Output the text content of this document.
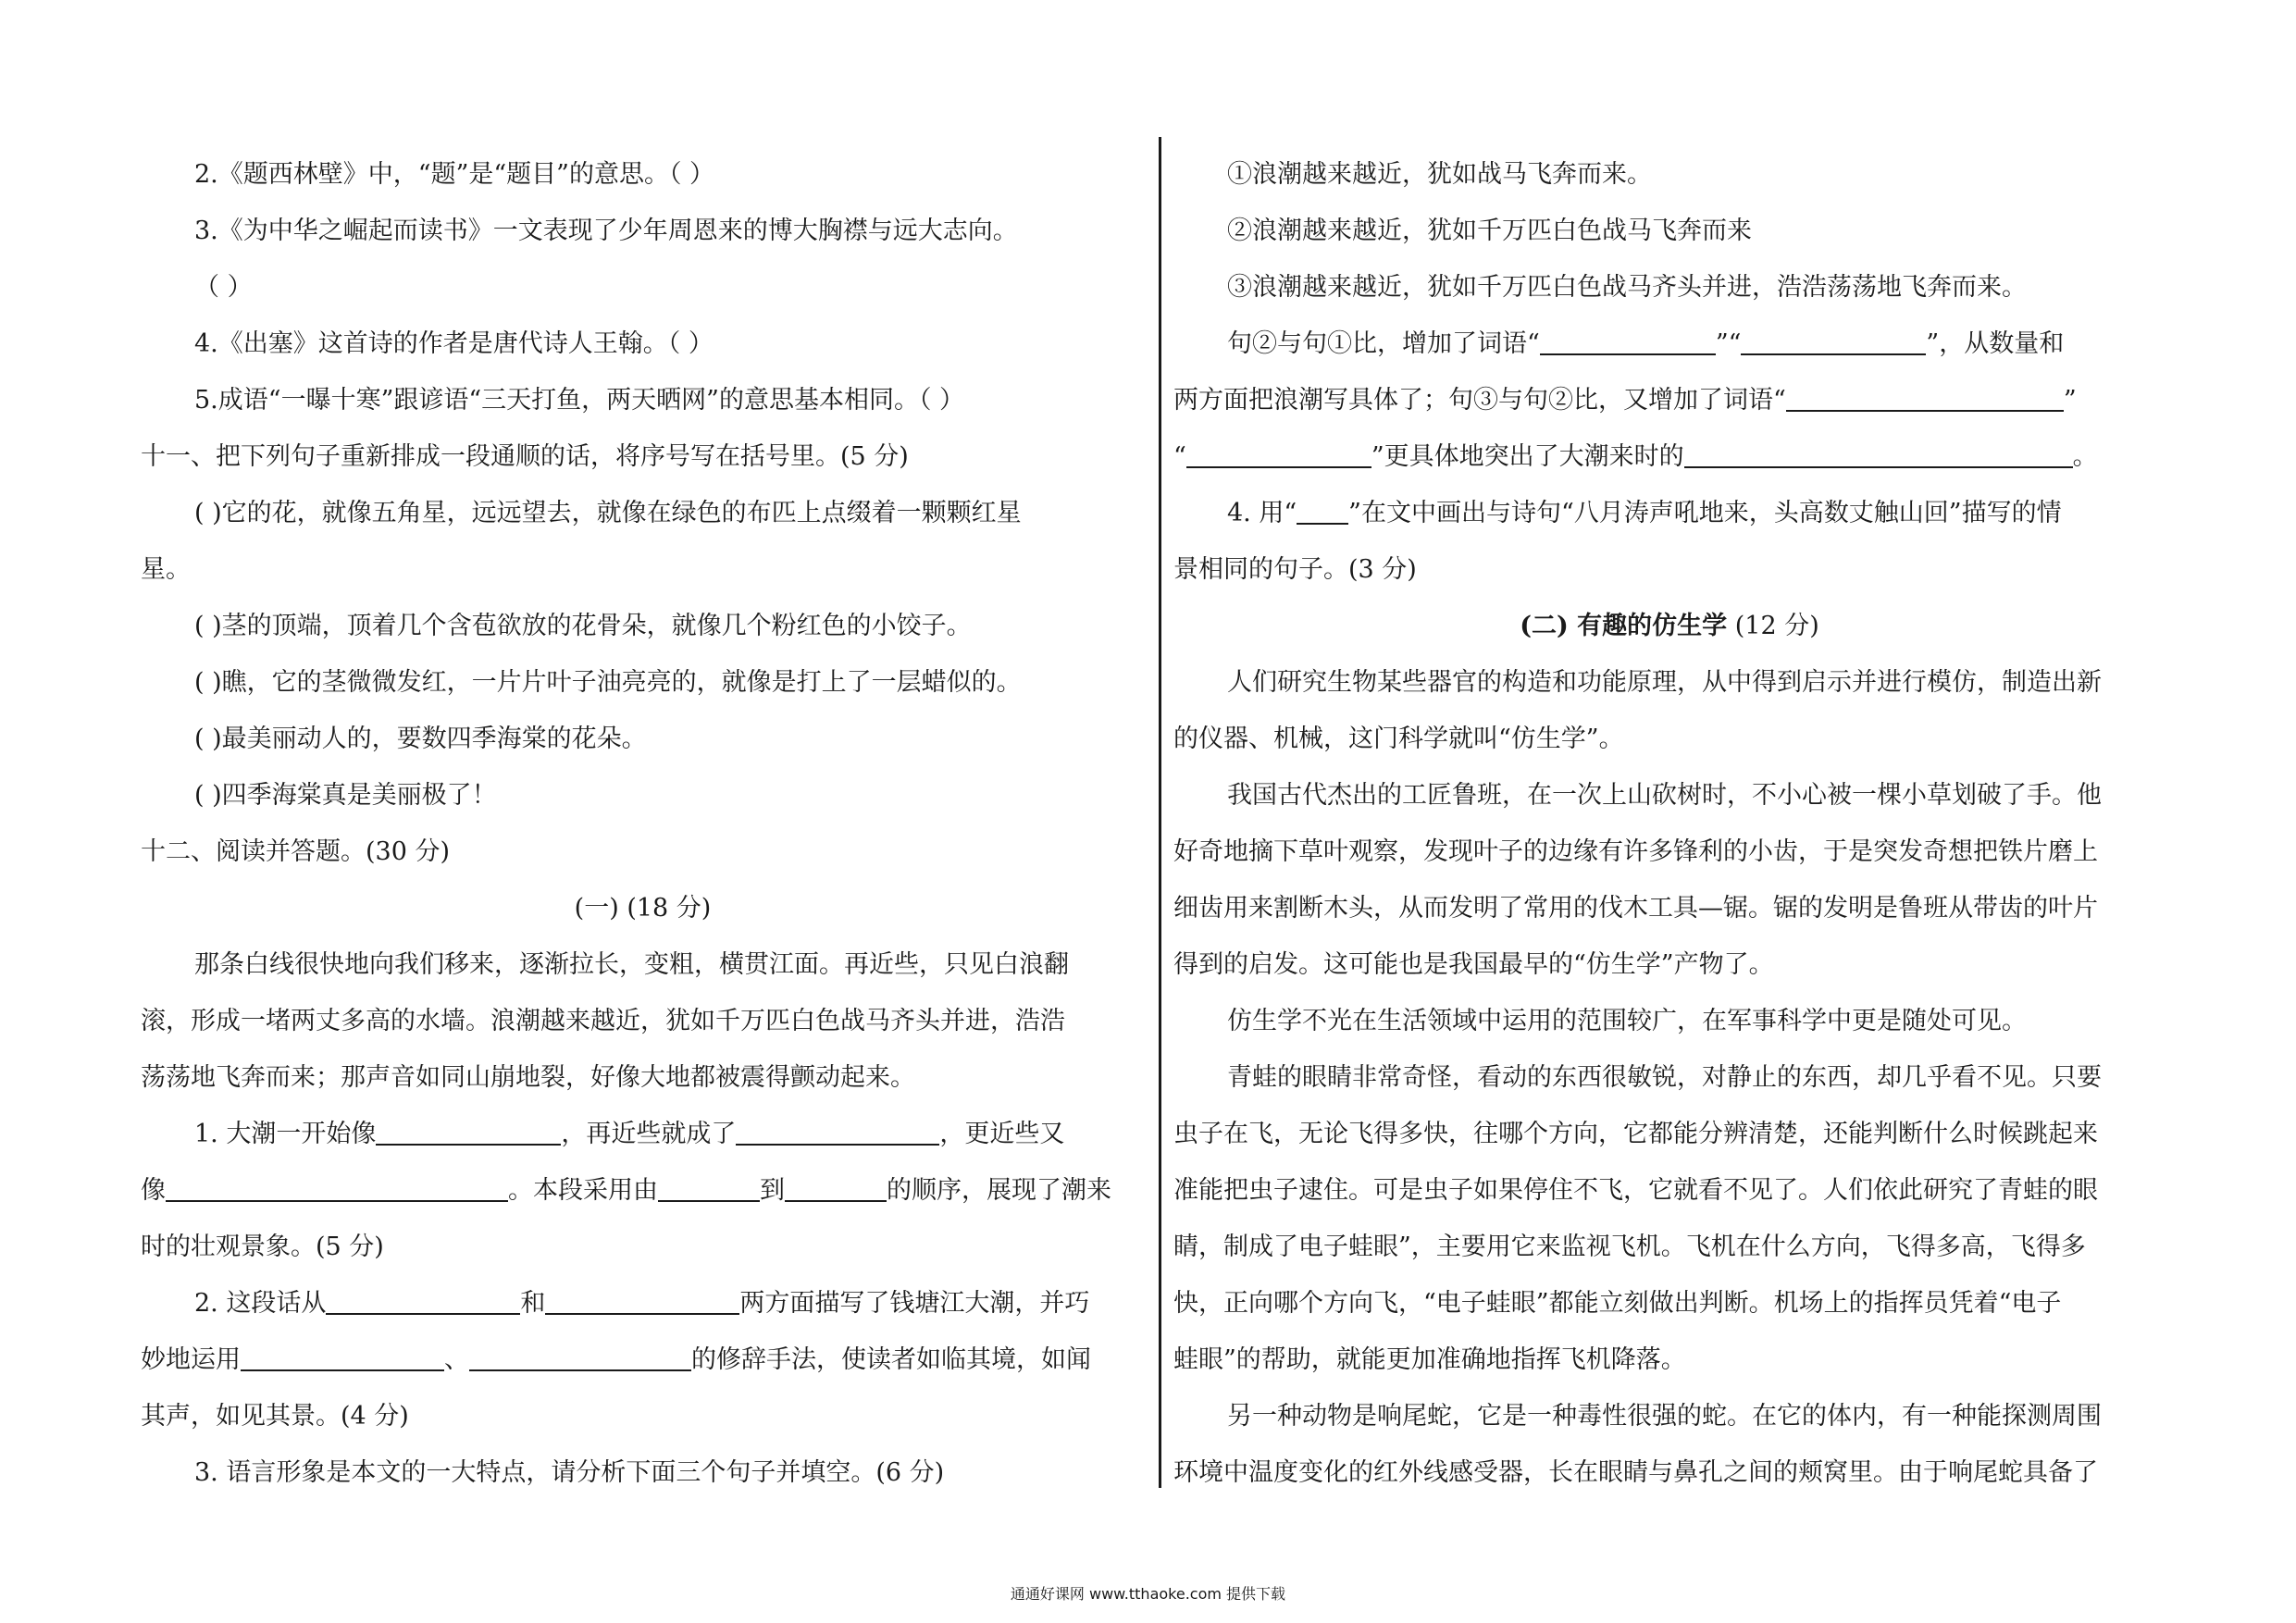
2.《题西林壁》中，“题”是“题目”的意思。（ ）
3.《为中华之崛起而读书》一文表现了少年周恩来的博大胸襟与远大志向。
（ ）
4.《出塞》这首诗的作者是唐代诗人王翰。（ ）
5.成语“一曝十寒”跟谚语“三天打鱼，两天晒网”的意思基本相同。（ ）
十一、把下列句子重新排成一段通顺的话，将序号写在括号里。(5 分)
( )它的花，就像五角星，远远望去，就像在绿色的布匹上点缀着一颗颗红星
星。
( )茎的顶端，顶着几个含苞欲放的花骨朵，就像几个粉红色的小饺子。
( )瞧，它的茎微微发红，一片片叶子油亮亮的，就像是打上了一层蜡似的。
( )最美丽动人的，要数四季海棠的花朵。
( )四季海棠真是美丽极了！
十二、阅读并答题。(30 分)
(一) (18 分)
那条白线很快地向我们移来，逐渐拉长，变粗，横贯江面。再近些，只见白浪翻
滚，形成一堵两丈多高的水墙。浪潮越来越近，犹如千万匹白色战马齐头并进，浩浩
荡荡地飞奔而来；那声音如同山崩地裂，好像大地都被震得颤动起来。
1. 大潮一开始像	，再近些就成了	，更近些又
像	。本段采用由	到	的顺序，展现了潮来
时的壮观景象。(5 分)
2. 这段话从	和	两方面描写了钱塘江大潮，并巧
妙地运用	、	的修辞手法，使读者如临其境，如闻
其声，如见其景。(4 分)
3. 语言形象是本文的一大特点，请分析下面三个句子并填空。(6 分)
①浪潮越来越近，犹如战马飞奔而来。
②浪潮越来越近，犹如千万匹白色战马飞奔而来
③浪潮越来越近，犹如千万匹白色战马齐头并进，浩浩荡荡地飞奔而来。
句②与句①比，增加了词语“	”“	”，从数量和
两方面把浪潮写具体了；句③与句②比，又增加了词语“	”
“	”更具体地突出了大潮来时的	。
4. 用“ ”在文中画出与诗句“八月涛声吼地来，头高数丈触山回”描写的情
景相同的句子。(3 分)
(二) 有趣的仿生学 (12 分)
人们研究生物某些器官的构造和功能原理，从中得到启示并进行模仿，制造出新
的仪器、机械，这门科学就叫“仿生学”。
我国古代杰出的工匠鲁班，在一次上山砍树时，不小心被一棵小草划破了手。他
好奇地摘下草叶观察，发现叶子的边缘有许多锋利的小齿，于是突发奇想把铁片磨上
细齿用来割断木头，从而发明了常用的伐木工具—锯。锯的发明是鲁班从带齿的叶片
得到的启发。这可能也是我国最早的“仿生学”产物了。
仿生学不光在生活领域中运用的范围较广，在军事科学中更是随处可见。
青蛙的眼睛非常奇怪，看动的东西很敏锐，对静止的东西，却几乎看不见。只要
虫子在飞，无论飞得多快，往哪个方向，它都能分辨清楚，还能判断什么时候跳起来
准能把虫子逮住。可是虫子如果停住不飞，它就看不见了。人们依此研究了青蛙的眼
睛，制成了电子蛙眼”，主要用它来监视飞机。飞机在什么方向，飞得多高，飞得多
快，正向哪个方向飞，“电子蛙眼”都能立刻做出判断。机场上的指挥员凭着“电子
蛙眼”的帮助，就能更加准确地指挥飞机降落。
另一种动物是响尾蛇，它是一种毒性很强的蛇。在它的体内，有一种能探测周围
环境中温度变化的红外线感受器，长在眼睛与鼻孔之间的颊窝里。由于响尾蛇具备了
通通好课网 www.tthaoke.com 提供下载
